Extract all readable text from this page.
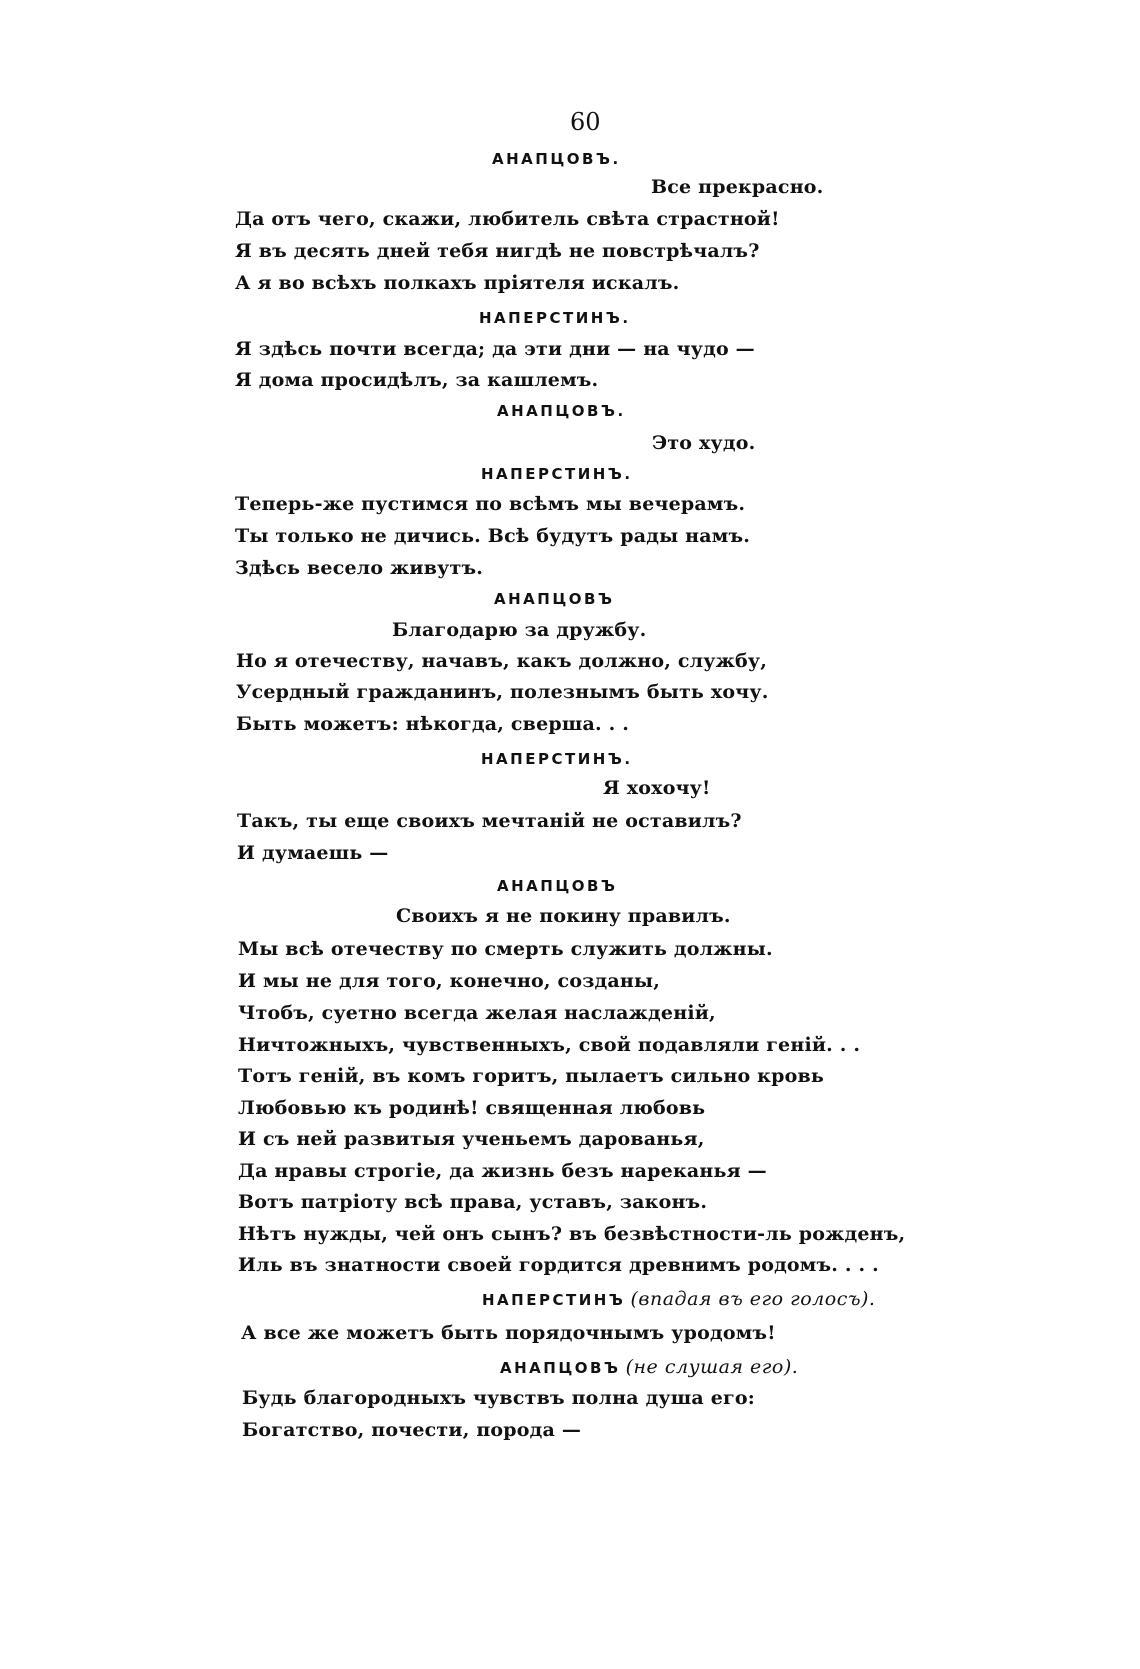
60
АНАПЦОВЪ.
Все прекрасно.
Да отъ чего, скажи, любитель свѣта страстной!
Я въ десять дней тебя нигдѣ не повстрѣчалъ?
А я во всѣхъ полкахъ пріятеля искалъ.
НАПЕРСТИНЪ.
Я здѣсь почти всегда; да эти дни — на чудо —
Я дома просидѣлъ, за кашлемъ.
АНАПЦОВЪ.
Это худо.
НАПЕРСТИНЪ.
Теперь-же пустимся по всѣмъ мы вечерамъ.
Ты только не дичись. Всѣ будутъ рады намъ.
Здѣсь весело живутъ.
АНАПЦОВЪ
Благодарю за дружбу.
Но я отечеству, начавъ, какъ должно, службу,
Усердный гражданинъ, полезнымъ быть хочу.
Быть можетъ: нѣкогда, сверша. . .
НАПЕРСТИНЪ.
Я хохочу!
Такъ, ты еще своихъ мечтаній не оставилъ?
И думаешь —
АНАПЦОВЪ
Своихъ я не покину правилъ.
Мы всѣ отечеству по смерть служить должны.
И мы не для того, конечно, созданы,
Чтобъ, суетно всегда желая наслажденій,
Ничтожныхъ, чувственныхъ, свой подавляли геній. . .
Тотъ геній, въ комъ горитъ, пылаетъ сильно кровь
Любовью къ родинѣ! священная любовь
И съ ней развитыя ученьемъ дарованья,
Да нравы строгіе, да жизнь безъ нареканья —
Вотъ патріоту всѣ права, уставъ, законъ.
Нѣтъ нужды, чей онъ сынъ? въ безвѣстности-ль рожденъ,
Иль въ знатности своей гордится древнимъ родомъ. . . .
НАПЕРСТИНЪ (впадая въ его голосъ).
А все же можетъ быть порядочнымъ уродомъ!
АНАПЦОВЪ (не слушая его).
Будь благородныхъ чувствъ полна душа его:
Богатство, почести, порода —
